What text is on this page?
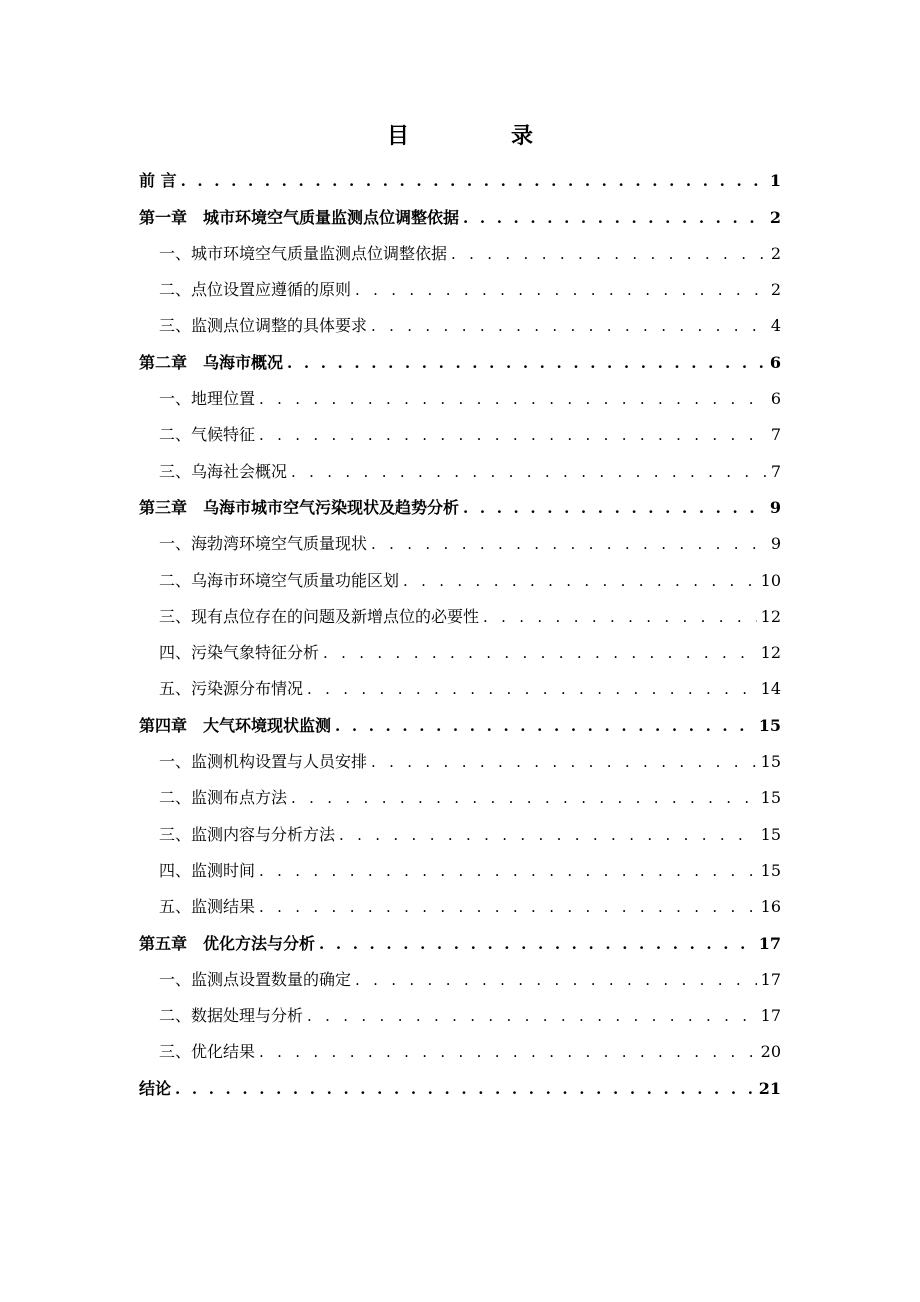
目　录
前 言 . . .	1
第一章　城市环境空气质量监测点位调整依据 . . .	2
一、城市环境空气质量监测点位调整依据 . . .	2
二、点位设置应遵循的原则 . . .	2
三、监测点位调整的具体要求 . . .	4
第二章　乌海市概况 . . .	6
一、地理位置 . . .	6
二、气候特征 . . .	7
三、乌海社会概况 . . .	7
第三章　乌海市城市空气污染现状及趋势分析 . . .	9
一、海勃湾环境空气质量现状 . . .	9
二、乌海市环境空气质量功能区划 . . .	10
三、现有点位存在的问题及新增点位的必要性 . . .	12
四、污染气象特征分析 . . .	12
五、污染源分布情况 . . .	14
第四章　大气环境现状监测 . . .	15
一、监测机构设置与人员安排 . . .	15
二、监测布点方法 . . .	15
三、监测内容与分析方法 . . .	15
四、监测时间 . . .	15
五、监测结果 . . .	16
第五章　优化方法与分析 . . .	17
一、监测点设置数量的确定 . . .	17
二、数据处理与分析 . . .	17
三、优化结果 . . .	20
结论 . . .	21
